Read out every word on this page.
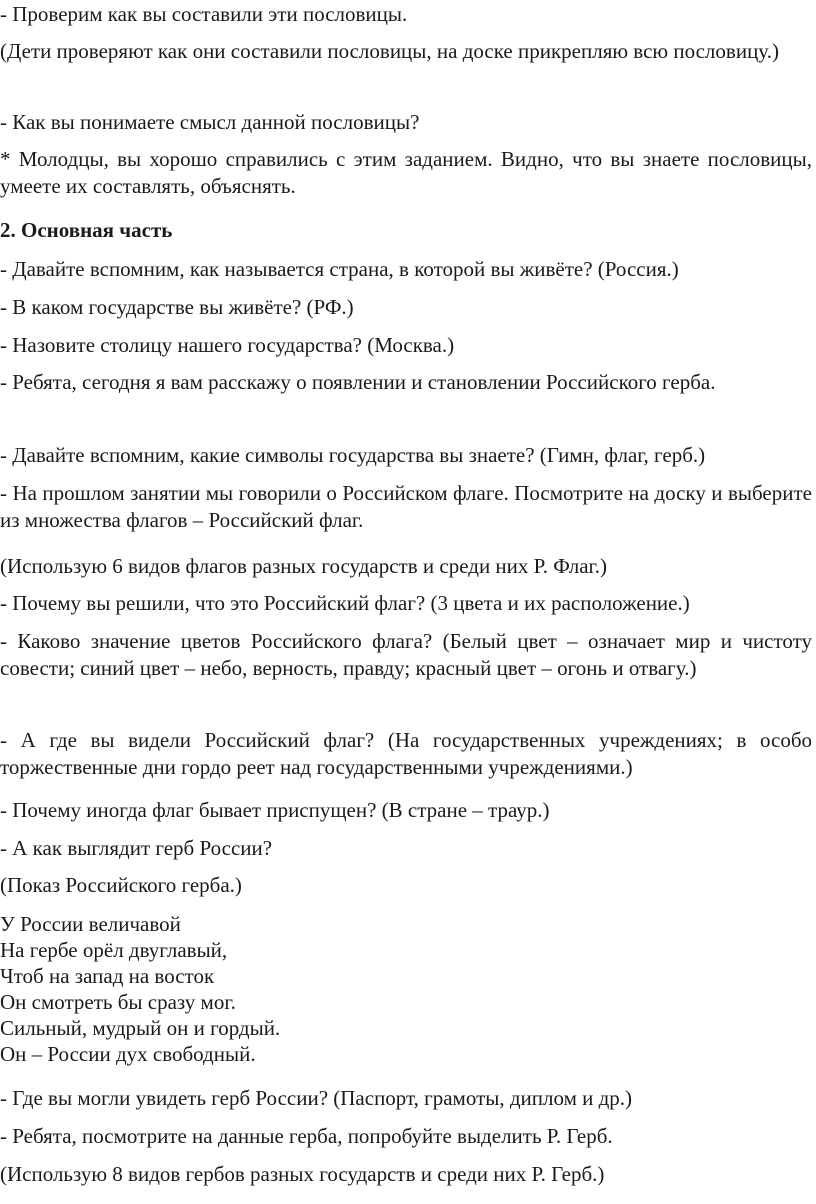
- Проверим как вы составили эти пословицы.

(Дети проверяют как они составили пословицы, на доске прикрепляю всю пословицу.)

- Как вы понимаете смысл данной пословицы?

* Молодцы, вы хорошо справились с этим заданием. Видно, что вы знаете пословицы, умеете их составлять, объяснять.

2. Основная часть

- Давайте вспомним, как называется страна, в которой вы живёте? (Россия.)

- В каком государстве вы живёте? (РФ.)

- Назовите столицу нашего государства? (Москва.)

- Ребята, сегодня я вам расскажу о появлении и становлении Российского герба.

- Давайте вспомним, какие символы государства вы знаете? (Гимн, флаг, герб.)

- На прошлом занятии мы говорили о Российском флаге. Посмотрите на доску и выберите из множества флагов – Российский флаг.

(Использую 6 видов флагов разных государств и среди них Р. Флаг.)

- Почему вы решили, что это Российский флаг? (3 цвета и их расположение.)

- Каково значение цветов Российского флага? (Белый цвет – означает мир и чистоту совести; синий цвет – небо, верность, правду; красный цвет – огонь и отвагу.)

- А где вы видели Российский флаг? (На государственных учреждениях; в особо торжественные дни гордо реет над государственными учреждениями.)

- Почему иногда флаг бывает приспущен? (В стране – траур.)

- А как выглядит герб России?

(Показ Российского герба.)

У России величавой

На гербе орёл двуглавый,

Чтоб на запад на восток

Он смотреть бы сразу мог.

Сильный, мудрый он и гордый.

Он – России дух свободный.

- Где вы могли увидеть герб России? (Паспорт, грамоты, диплом и др.)

- Ребята, посмотрите на данные герба, попробуйте выделить Р. Герб.

(Использую 8 видов гербов разных государств и среди них Р. Герб.)
